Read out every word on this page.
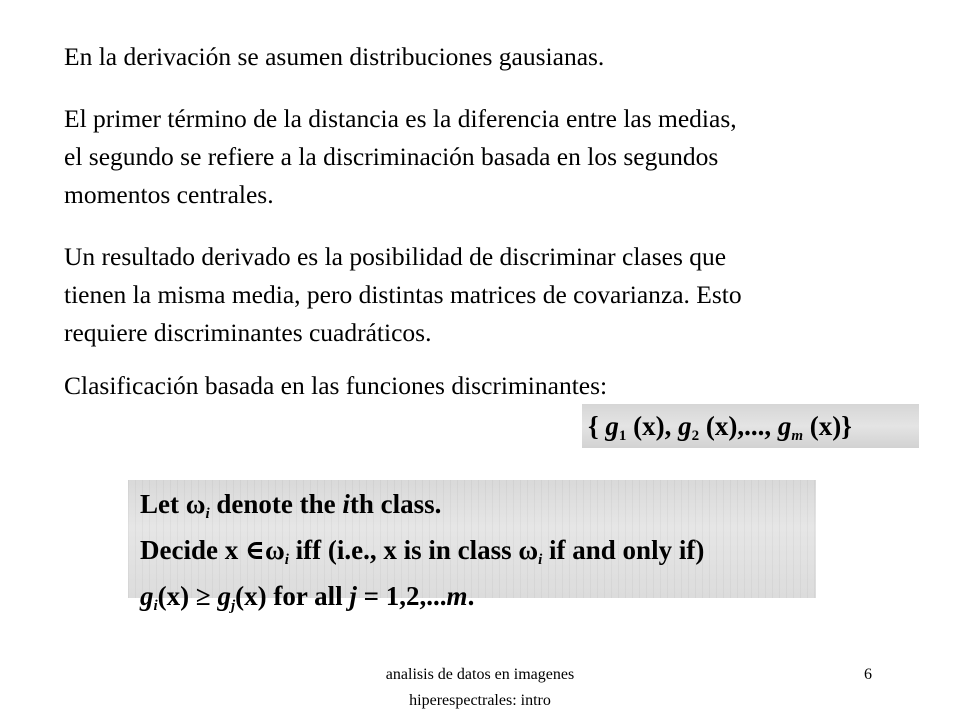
En la derivación se asumen distribuciones gausianas.

El primer término de la distancia es la diferencia entre las medias,
el segundo se refiere a la discriminación basada en los segundos
momentos centrales.

Un resultado derivado es la posibilidad de discriminar clases que
tienen la misma media, pero distintas matrices de covarianza. Esto
requiere discriminantes cuadráticos.

Clasificación basada en las funciones discriminantes:

{ $g_1$ (x), $g_2$ (x),..., $g_m$ (x)}
Let $\omega_i$ denote the ith class.
Decide x $\in\omega_i$ iff (i.e., x is in class $\omega_i$ if and only if)
$g_i(x) \ge g_j(x)$ for all j = 1,2,...m.
analisis de datos en imagenes
hiperespectrales: intro
6
